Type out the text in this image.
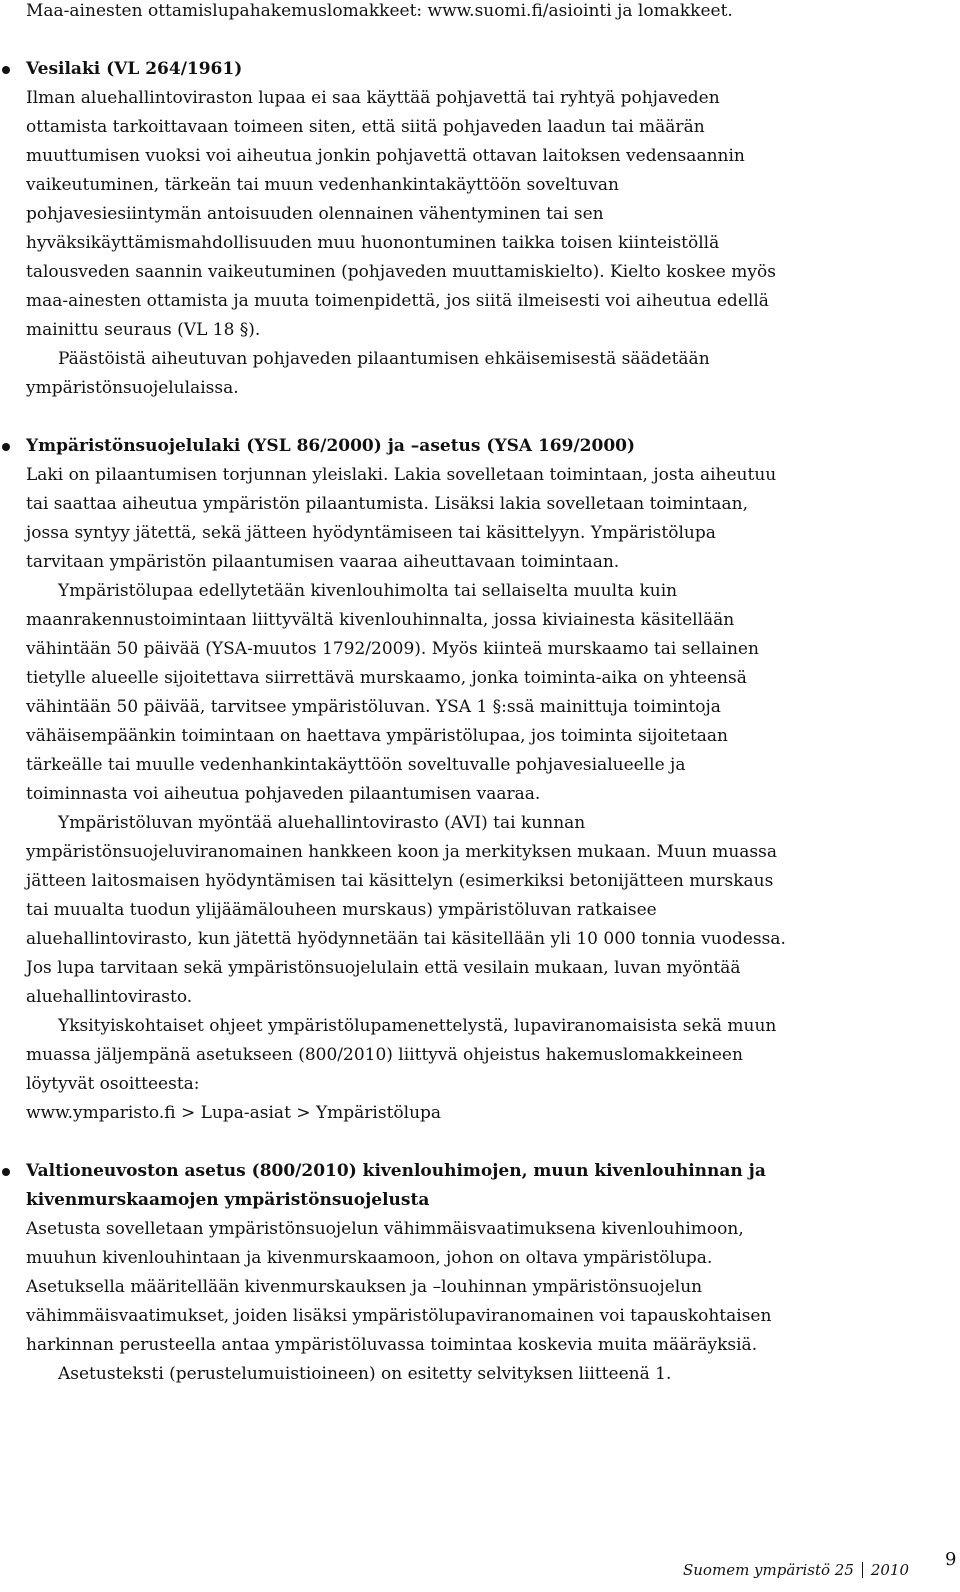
Maa-ainesten ottamislupahakemuslomakkeet: www.suomi.fi/asiointi ja lomakkeet.

Vesilaki (VL 264/1961)

Ilman aluehallintoviraston lupaa ei saa käyttää pohjavettä tai ryhtyä pohjaveden ottamista tarkoittavaan toimeen siten, että siitä pohjaveden laadun tai määrän muuttumisen vuoksi voi aiheutua jonkin pohjavettä ottavan laitoksen vedensaannin vaikeutuminen, tärkeän tai muun vedenhankintakäyttöön soveltuvan pohjavesiesiintymän antoisuuden olennainen vähentyminen tai sen hyväksikäyttämismahdollisuuden muu huonontuminen taikka toisen kiinteistöllä talousveden saannin vaikeutuminen (pohjaveden muuttamiskielto). Kielto koskee myös maa-ainesten ottamista ja muuta toimenpidettä, jos siitä ilmeisesti voi aiheutua edellä mainittu seuraus (VL 18 §).

Päästöistä aiheutuvan pohjaveden pilaantumisen ehkäisemisestä säädetään ympäristönsuojelulaissa.

Ympäristönsuojelulaki (YSL 86/2000) ja –asetus (YSA 169/2000)

Laki on pilaantumisen torjunnan yleislaki. Lakia sovelletaan toimintaan, josta aiheutuu tai saattaa aiheutua ympäristön pilaantumista. Lisäksi lakia sovelletaan toimintaan, jossa syntyy jätettä, sekä jätteen hyödyntämiseen tai käsittelyyn. Ympäristölupa tarvitaan ympäristön pilaantumisen vaaraa aiheuttavaan toimintaan.

Ympäristölupaa edellytetään kivenlouhimolta tai sellaiselta muulta kuin maanrakennustoimintaan liittyvältä kivenlouhinnalta, jossa kiviainesta käsitellään vähintään 50 päivää (YSA-muutos 1792/2009). Myös kiinteä murskaamo tai sellainen tietylle alueelle sijoitettava siirrettävä murskaamo, jonka toiminta-aika on yhteensä vähintään 50 päivää, tarvitsee ympäristöluvan. YSA 1 §:ssä mainittuja toimintoja vähäisempäänkin toimintaan on haettava ympäristölupaa, jos toiminta sijoitetaan tärkeälle tai muulle vedenhankintakäyttöön soveltuvalle pohjavesialueelle ja toiminnasta voi aiheutua pohjaveden pilaantumisen vaaraa.

Ympäristöluvan myöntää aluehallintovirasto (AVI) tai kunnan ympäristönsuojeluviranomainen hankkeen koon ja merkityksen mukaan. Muun muassa jätteen laitosmaisen hyödyntämisen tai käsittelyn (esimerkiksi betonijätteen murskaus tai muualta tuodun ylijäämälouheen murskaus) ympäristöluvan ratkaisee aluehallintovirasto, kun jätettä hyödynnetään tai käsitellään yli 10 000 tonnia vuodessa. Jos lupa tarvitaan sekä ympäristönsuojelulain että vesilain mukaan, luvan myöntää aluehallintovirasto.

Yksityiskohtaiset ohjeet ympäristölupamenettelystä, lupaviranomaisista sekä muun muassa jäljempänä asetukseen (800/2010) liittyvä ohjeistus hakemuslomakkeineen löytyvät osoitteesta:

www.ymparisto.fi > Lupa-asiat > Ympäristölupa

Valtioneuvoston asetus (800/2010) kivenlouhimojen, muun kivenlouhinnan ja kivenmurskaamojen ympäristönsuojelusta

Asetusta sovelletaan ympäristönsuojelun vähimmäisvaatimuksena kivenlouhimoon, muuhun kivenlouhintaan ja kivenmurskaamoon, johon on oltava ympäristölupa. Asetuksella määritellään kivenmurskauksen ja –louhinnan ympäristönsuojelun vähimmäisvaatimukset, joiden lisäksi ympäristölupaviranomainen voi tapauskohtaisen harkinnan perusteella antaa ympäristöluvassa toimintaa koskevia muita määräyksiä.

Asetusteksti (perustelumuistioineen) on esitetty selvityksen liitteenä 1.

Suomem ympäristö 25 2010 9
